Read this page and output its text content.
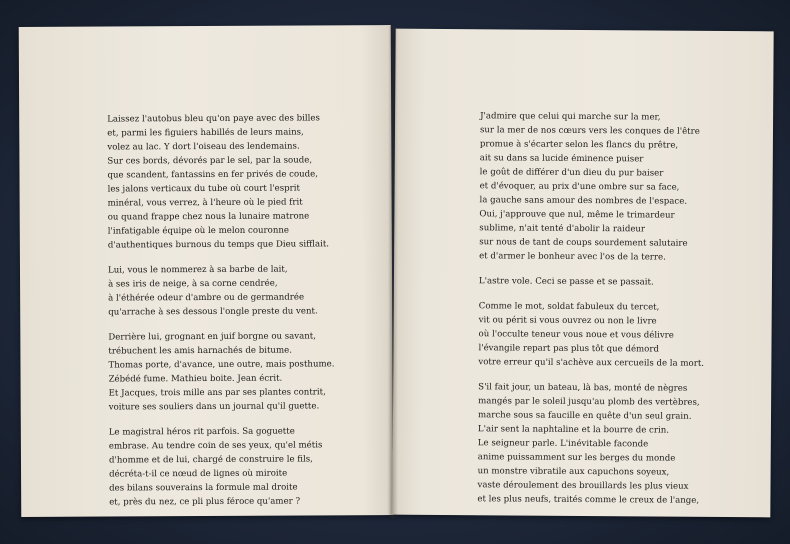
Laissez l'autobus bleu qu'on paye avec des billes
et, parmi les figuiers habillés de leurs mains,
volez au lac. Y dort l'oiseau des lendemains.
Sur ces bords, dévorés par le sel, par la soude,
que scandent, fantassins en fer privés de coude,
les jalons verticaux du tube où court l'esprit
minéral, vous verrez, à l'heure où le pied frit
ou quand frappe chez nous la lunaire matrone
l'infatigable équipe où le melon couronne
d'authentiques burnous du temps que Dieu sifflait.
Lui, vous le nommerez à sa barbe de lait,
à ses iris de neige, à sa corne cendrée,
à l'éthérée odeur d'ambre ou de germandrée
qu'arrache à ses dessous l'ongle preste du vent.
Derrière lui, grognant en juif borgne ou savant,
trébuchent les amis harnachés de bitume.
Thomas porte, d'avance, une outre, mais posthume.
Zébédé fume. Mathieu boite. Jean écrit.
Et Jacques, trois mille ans par ses plantes contrit,
voiture ses souliers dans un journal qu'il guette.
Le magistral héros rit parfois. Sa goguette
embrase. Au tendre coin de ses yeux, qu'el métis
d'homme et de lui, chargé de construire le fils,
décréta-t-il ce nœud de lignes où miroite
des bilans souverains la formule mal droite
et, près du nez, ce pli plus féroce qu'amer ?
J'admire que celui qui marche sur la mer,
sur la mer de nos cœurs vers les conques de l'être
promue à s'écarter selon les flancs du prêtre,
ait su dans sa lucide éminence puiser
le goût de différer d'un dieu du pur baiser
et d'évoquer, au prix d'une ombre sur sa face,
la gauche sans amour des nombres de l'espace.
Oui, j'approuve que nul, même le trimardeur
sublime, n'ait tenté d'abolir la raideur
sur nous de tant de coups sourdement salutaire
et d'armer le bonheur avec l'os de la terre.
L'astre vole. Ceci se passe et se passait.
Comme le mot, soldat fabuleux du tercet,
vit ou périt si vous ouvrez ou non le livre
où l'occulte teneur vous noue et vous délivre
l'évangile repart pas plus tôt que démord
votre erreur qu'il s'achève aux cercueils de la mort.
S'il fait jour, un bateau, là bas, monté de nègres
mangés par le soleil jusqu'au plomb des vertèbres,
marche sous sa faucille en quête d'un seul grain.
L'air sent la naphtaline et la bourre de crin.
Le seigneur parle. L'inévitable faconde
anime puissamment sur les berges du monde
un monstre vibratile aux capuchons soyeux,
vaste déroulement des brouillards les plus vieux
et les plus neufs, traités comme le creux de l'ange,
